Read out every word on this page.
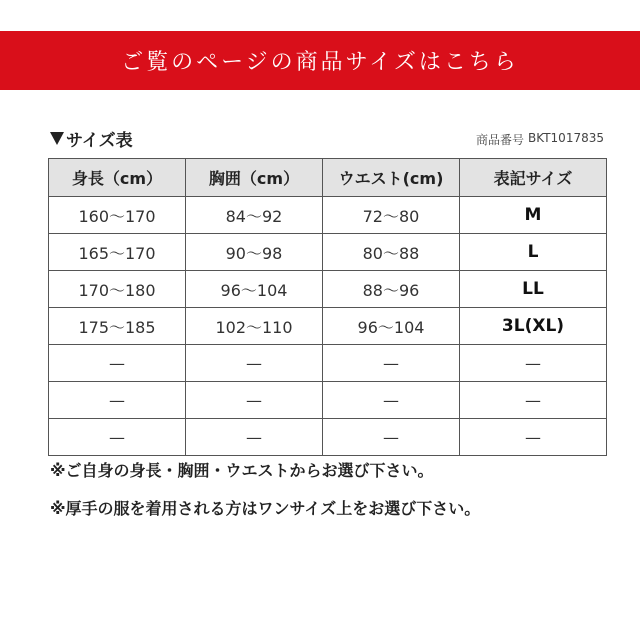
ご覧のページの商品サイズはこちら
サイズ表	商品番号 BKT1017835
身長（cm）	胸囲（cm）	ウエスト(cm)	表記サイズ
160〜170	84〜92	72〜80	M
165〜170	90〜98	80〜88	L
170〜180	96〜104	88〜96	LL
175〜185	102〜110	96〜104	3L(XL)
—	—	—	—
—	—	—	—
—	—	—	—
※ご自身の身長・胸囲・ウエストからお選び下さい。
※厚手の服を着用される方はワンサイズ上をお選び下さい。
